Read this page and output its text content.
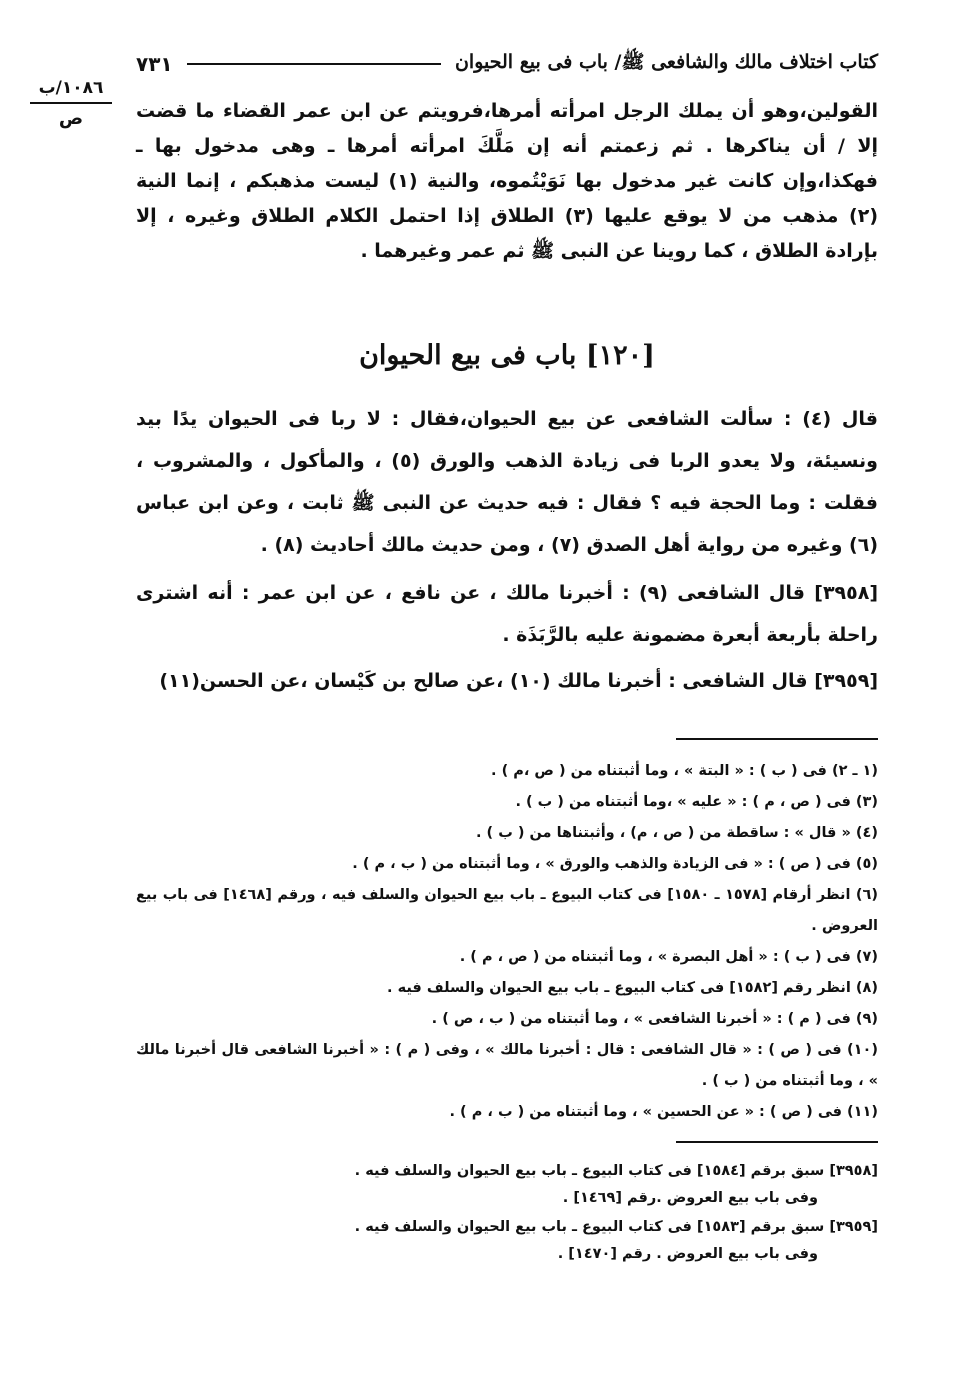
٧٣١	كتاب اختلاف مالك والشافعى ﷺ/ باب فى بيع الحيوان
١٠٨٦/ب
ص	القولين،وهو أن يملك الرجل امرأته أمرها،فرويتم عن ابن عمر القضاء ما قضت إلا / أن يناكرها . ثم زعمتم أنه إن مَلَّكَ امرأته أمرها ـ وهى مدخول بها ـ فهكذا،وإن كانت غير مدخول بها نَوَيْتُموه، والنية (١) ليست مذهبكم ، إنما النية (٢) مذهب من لا يوقع عليها (٣) الطلاق إذا احتمل الكلام الطلاق وغيره ، إلا بإرادة الطلاق ، كما روينا عن النبى ﷺ ثم عمر وغيرهما .
[١٢٠] باب فى بيع الحيوان
قال (٤) : سألت الشافعى عن بيع الحيوان،فقال : لا ربا فى الحيوان يدًا بيد ونسيئة، ولا يعدو الربا فى زيادة الذهب والورق (٥) ، والمأكول ، والمشروب ، فقلت : وما الحجة فيه ؟ فقال : فيه حديث عن النبى ﷺ ثابت ، وعن ابن عباس (٦) وغيره من رواية أهل الصدق (٧) ، ومن حديث مالك أحاديث (٨) .
[٣٩٥٨] قال الشافعى (٩) : أخبرنا مالك ، عن نافع ، عن ابن عمر : أنه اشترى راحلة بأربعة أبعرة مضمونة عليه بالرَّبَذَة .
[٣٩٥٩] قال الشافعى : أخبرنا مالك (١٠) ،عن صالح بن كَيْسان ،عن الحسن(١١)
(١ ـ ٢) فى ( ب ) : « البتة » ، وما أثبتناه من ( ص ،م ) .
(٣) فى ( ص ، م ) : « عليه » ،وما أثبتناه من ( ب ) .
(٤) « قال » : ساقطة من ( ص ، م) ، وأثبتناها من ( ب ) .
(٥) فى ( ص ) : « فى الزيادة والذهب والورق » ، وما أثبتناه من ( ب ، م ) .
(٦) انظر أرقام [١٥٧٨ ـ ١٥٨٠] فى كتاب البيوع ـ باب بيع الحيوان والسلف فيه ، ورقم [١٤٦٨] فى باب بيع العروض .
(٧) فى ( ب ) : « أهل البصرة » ، وما أثبتناه من ( ص ، م ) .
(٨) انظر رقم [١٥٨٢] فى كتاب البيوع ـ باب بيع الحيوان والسلف فيه .
(٩) فى ( م ) : « أخبرنا الشافعى » ، وما أثبتناه من ( ب ، ص ) .
(١٠) فى ( ص ) : « قال الشافعى : قال : أخبرنا مالك » ، وفى ( م ) : « أخبرنا الشافعى قال أخبرنا مالك » ، وما أثبتناه من ( ب ) .
(١١) فى ( ص ) : « عن الحسين » ، وما أثبتناه من ( ب ، م ) .
[٣٩٥٨] سبق برقم [١٥٨٤] فى كتاب البيوع ـ باب بيع الحيوان والسلف فيه .
وفى باب بيع العروض .رقم [١٤٦٩] .
[٣٩٥٩] سبق برقم [١٥٨٣] فى كتاب البيوع ـ باب بيع الحيوان والسلف فيه .
وفى باب بيع العروض . رقم [١٤٧٠] .
